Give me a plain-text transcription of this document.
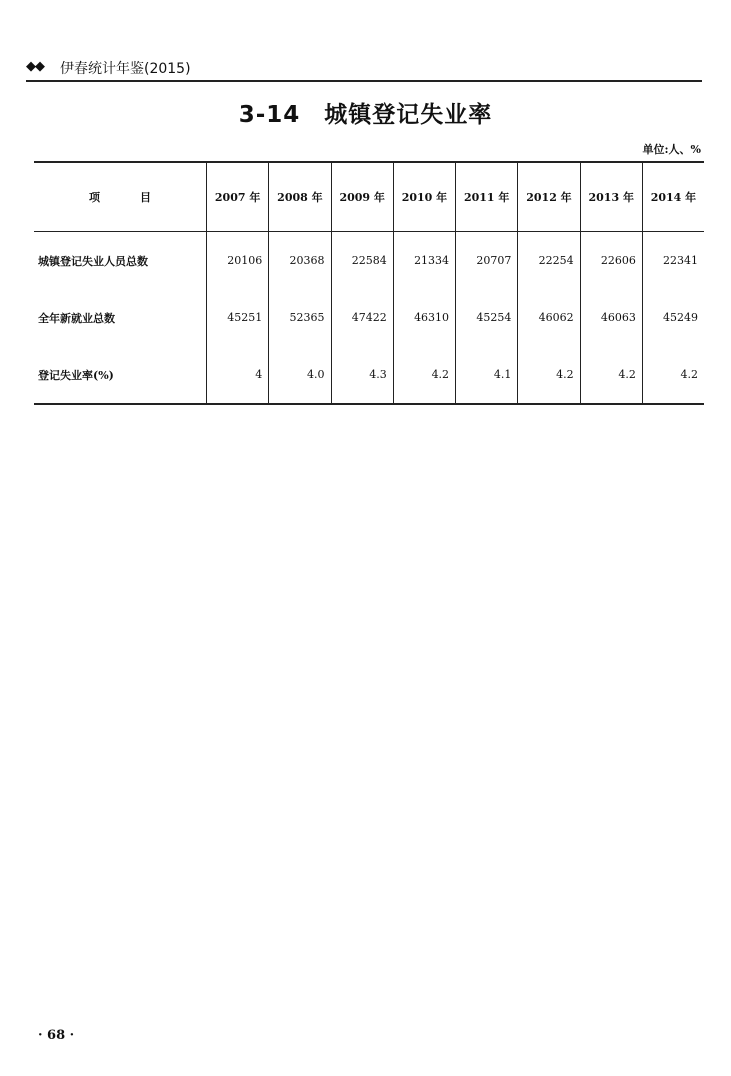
◆◆ 伊春统计年鉴(2015)
3-14　城镇登记失业率
单位:人、%
项 目	2007 年	2008 年	2009 年	2010 年	2011 年	2012 年	2013 年	2014 年
城镇登记失业人员总数	20106	20368	22584	21334	20707	22254	22606	22341
全年新就业总数	45251	52365	47422	46310	45254	46062	46063	45249
登记失业率(%)	4	4.0	4.3	4.2	4.1	4.2	4.2	4.2
· 68 ·
